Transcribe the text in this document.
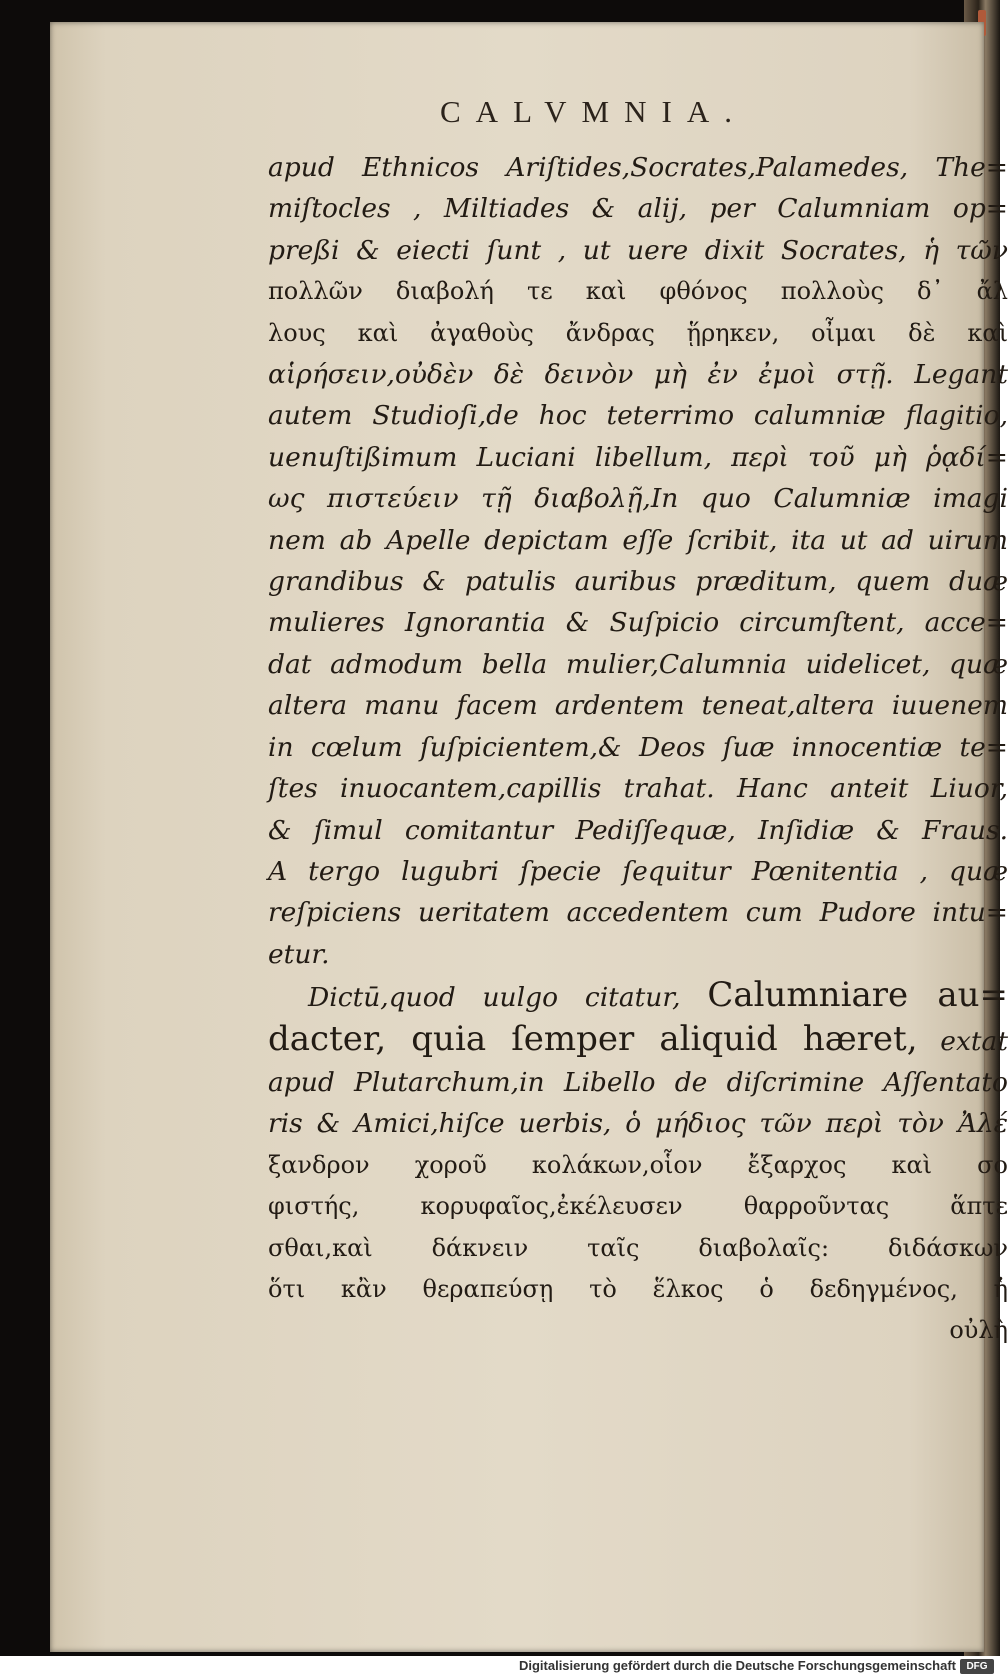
CALVMNIA.
apud Ethnicos Ariſtides,Socrates,Palamedes, The=
miſtocles , Miltiades & alij, per Calumniam op=
preßi & eiecti ſunt , ut uere dixit Socrates, ἡ τῶν
πολλῶν διαβολή τε καὶ φθόνος πολλοὺς δ᾽ ἄλ
λους καὶ ἀγαθοὺς ἄνδρας ᾕρηκεν, οἶμαι δὲ καὶ
αἱρήσειν,οὐδὲν δὲ δεινὸν μὴ ἐν ἐμοὶ στῇ. Legant
autem Studioſi,de hoc teterrimo calumniæ flagitio,
uenuſtißimum Luciani libellum, περὶ τοῦ μὴ ῥᾳδί=
ως πιστεύειν τῇ διαβολῇ,In quo Calumniæ imagi
nem ab Apelle depictam eſſe ſcribit, ita ut ad uirum
grandibus & patulis auribus præditum, quem duæ
mulieres Ignorantia & Suſpicio circumſtent, acce=
dat admodum bella mulier,Calumnia uidelicet, quæ
altera manu facem ardentem teneat,altera iuuenem
in cœlum ſuſpicientem,& Deos ſuæ innocentiæ te=
ſtes inuocantem,capillis trahat. Hanc anteit Liuor,
& ſimul comitantur Pediſſequæ, Inſidiæ & Fraus.
A tergo lugubri ſpecie ſequitur Pœnitentia , quæ
reſpiciens ueritatem accedentem cum Pudore intu=
etur.
Dictū,quod uulgo citatur, Calumniare au=
dacter, quia ſemper aliquid hæret, extat
apud Plutarchum,in Libello de diſcrimine Aſſentato
ris & Amici,hiſce uerbis, ὁ μήδιος τῶν περὶ τὸν Ἀλέ
ξανδρον χοροῦ κολάκων,οἷον ἔξαρχος καὶ σο
φιστής, κορυφαῖος,ἐκέλευσεν θαρροῦντας ἅπτε
σθαι,καὶ δάκνειν ταῖς διαβολαῖς: διδάσκων
ὅτι κἂν θεραπεύσῃ τὸ ἕλκος ὁ δεδηγμένος, ἡ
οὐλὴ
Digitalisierung gefördert durch die Deutsche Forschungsgemeinschaft	DFG
